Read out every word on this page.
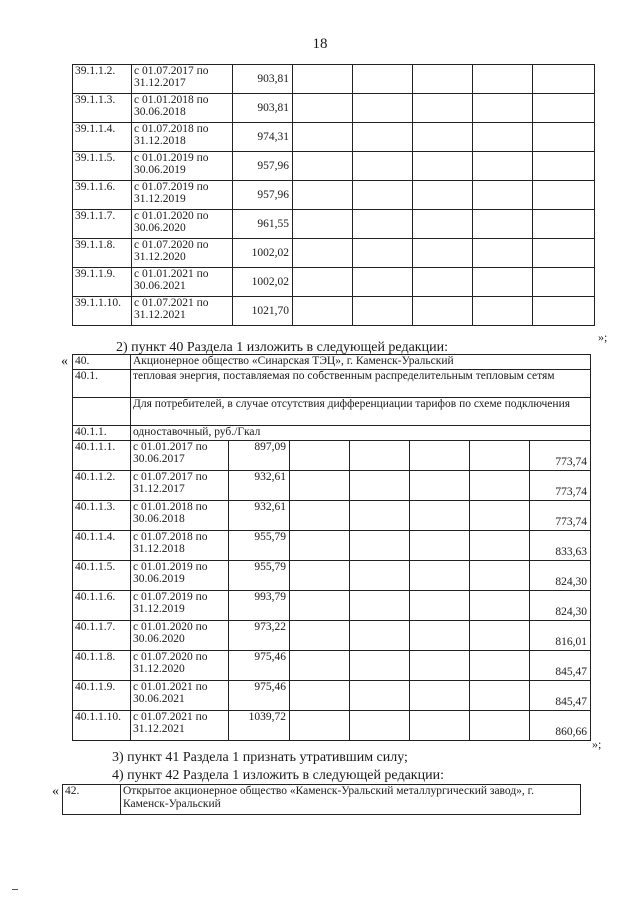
18
39.1.1.2.	с 01.07.2017 по 31.12.2017	903,81					
39.1.1.3.	с 01.01.2018 по 30.06.2018	903,81					
39.1.1.4.	с 01.07.2018 по 31.12.2018	974,31					
39.1.1.5.	с 01.01.2019 по 30.06.2019	957,96					
39.1.1.6.	с 01.07.2019 по 31.12.2019	957,96					
39.1.1.7.	с 01.01.2020 по 30.06.2020	961,55					
39.1.1.8.	с 01.07.2020 по 31.12.2020	1002,02					
39.1.1.9.	с 01.01.2021 по 30.06.2021	1002,02					
39.1.1.10.	с 01.07.2021 по 31.12.2021	1021,70					
»;
2) пункт 40 Раздела 1 изложить в следующей редакции:
« 40.	Акционерное общество «Синарская ТЭЦ», г. Каменск-Уральский						
40.1.	тепловая энергия, поставляемая по собственным распределительным тепловым сетям						
	Для потребителей, в случае отсутствия дифференциации тарифов по схеме подключения						
40.1.1.	одноставочный, руб./Гкал						
40.1.1.1.	с 01.01.2017 по 30.06.2017	897,09					773,74
40.1.1.2.	с 01.07.2017 по 31.12.2017	932,61					773,74
40.1.1.3.	с 01.01.2018 по 30.06.2018	932,61					773,74
40.1.1.4.	с 01.07.2018 по 31.12.2018	955,79					833,63
40.1.1.5.	с 01.01.2019 по 30.06.2019	955,79					824,30
40.1.1.6.	с 01.07.2019 по 31.12.2019	993,79					824,30
40.1.1.7.	с 01.01.2020 по 30.06.2020	973,22					816,01
40.1.1.8.	с 01.07.2020 по 31.12.2020	975,46					845,47
40.1.1.9.	с 01.01.2021 по 30.06.2021	975,46					845,47
40.1.1.10.	с 01.07.2021 по 31.12.2021	1039,72					860,66
»;
3) пункт 41 Раздела 1 признать утратившим силу;
4) пункт 42 Раздела 1 изложить в следующей редакции:
« 42.	Открытое акционерное общество «Каменск-Уральский металлургический завод», г. Каменск-Уральский
